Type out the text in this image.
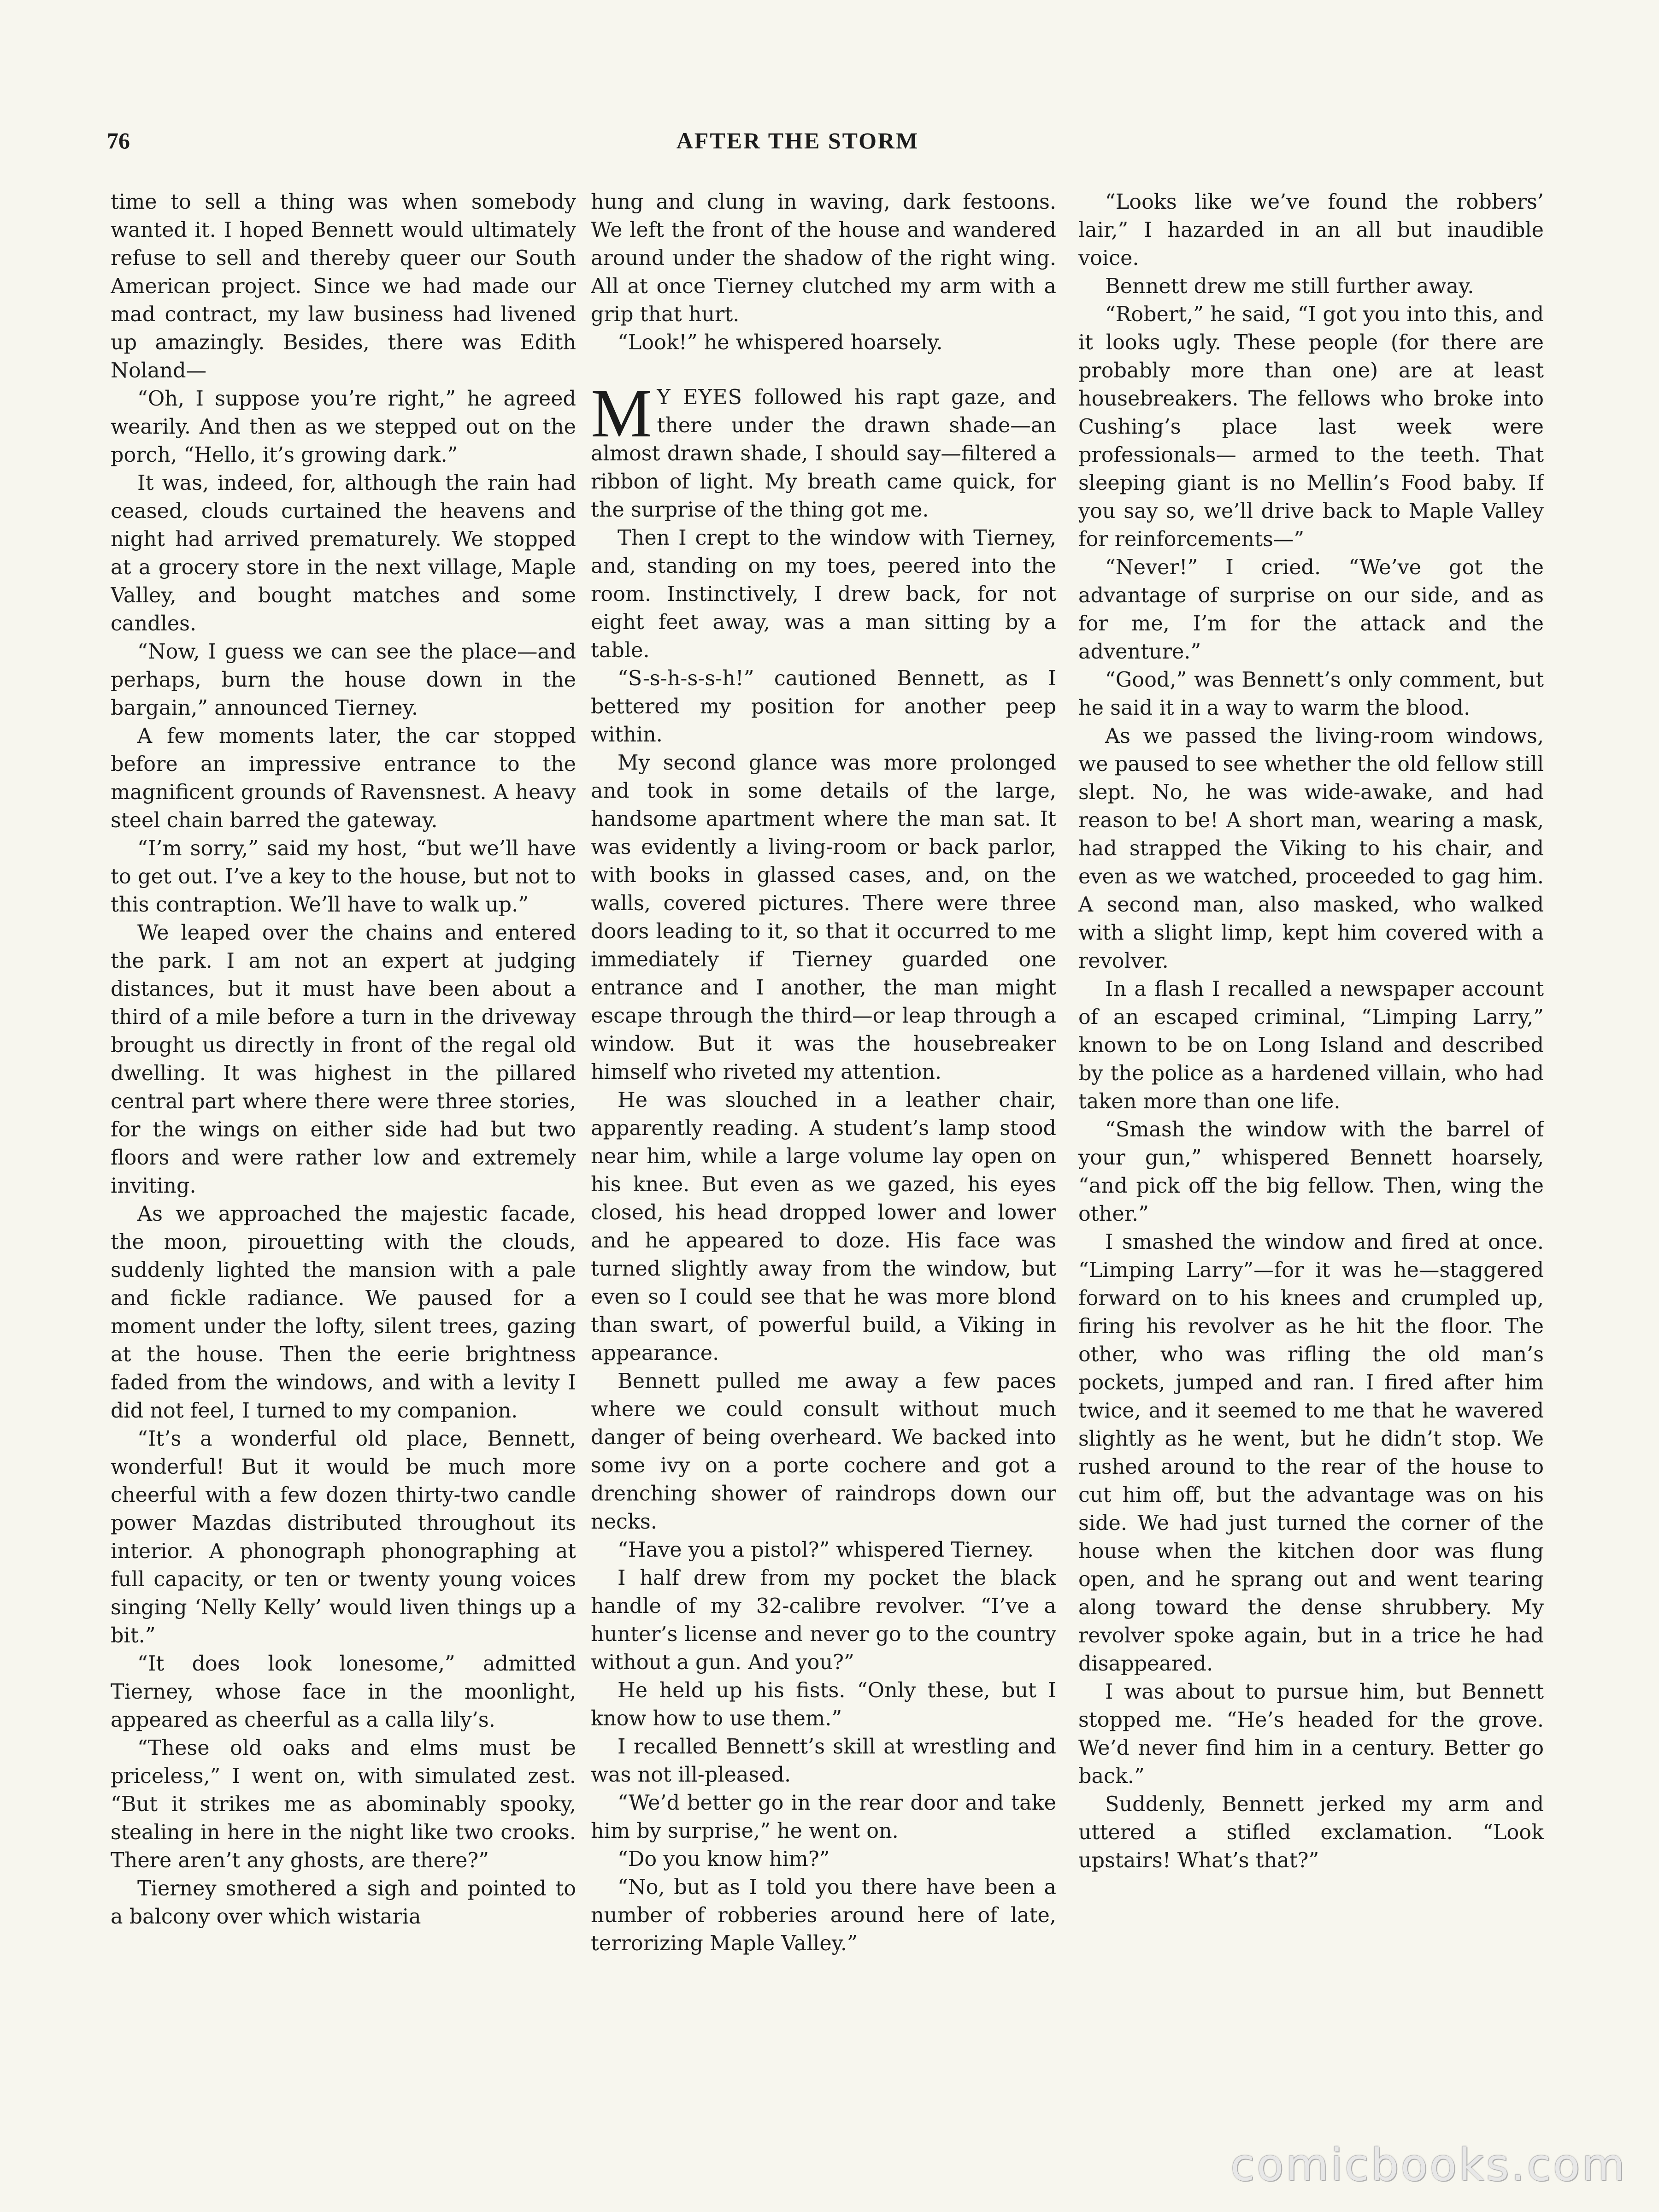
76	AFTER THE STORM

time to sell a thing was when somebody wanted it. I hoped Bennett would ultimately refuse to sell and thereby queer our South American project. Since we had made our mad contract, my law business had livened up amazingly. Besides, there was Edith Noland—

“Oh, I suppose you’re right,” he agreed wearily. And then as we stepped out on the porch, “Hello, it’s growing dark.”

It was, indeed, for, although the rain had ceased, clouds curtained the heavens and night had arrived prematurely. We stopped at a grocery store in the next village, Maple Valley, and bought matches and some candles.

“Now, I guess we can see the place—and perhaps, burn the house down in the bargain,” announced Tierney.

A few moments later, the car stopped before an impressive entrance to the magnificent grounds of Ravensnest. A heavy steel chain barred the gateway.

“I’m sorry,” said my host, “but we’ll have to get out. I’ve a key to the house, but not to this contraption. We’ll have to walk up.”

We leaped over the chains and entered the park. I am not an expert at judging distances, but it must have been about a third of a mile before a turn in the driveway brought us directly in front of the regal old dwelling. It was highest in the pillared central part where there were three stories, for the wings on either side had but two floors and were rather low and extremely inviting.

As we approached the majestic facade, the moon, pirouetting with the clouds, suddenly lighted the mansion with a pale and fickle radiance. We paused for a moment under the lofty, silent trees, gazing at the house. Then the eerie brightness faded from the windows, and with a levity I did not feel, I turned to my companion.

“It’s a wonderful old place, Bennett, wonderful! But it would be much more cheerful with a few dozen thirty-two candle power Mazdas distributed throughout its interior. A phonograph phonographing at full capacity, or ten or twenty young voices singing ‘Nelly Kelly’ would liven things up a bit.”

“It does look lonesome,” admitted Tierney, whose face in the moonlight, appeared as cheerful as a calla lily’s.

“These old oaks and elms must be priceless,” I went on, with simulated zest. “But it strikes me as abominably spooky, stealing in here in the night like two crooks. There aren’t any ghosts, are there?”

Tierney smothered a sigh and pointed to a balcony over which wistaria

hung and clung in waving, dark festoons. We left the front of the house and wandered around under the shadow of the right wing. All at once Tierney clutched my arm with a grip that hurt.

“Look!” he whispered hoarsely.

M Y EYES followed his rapt gaze, and there under the drawn shade—an almost drawn shade, I should say—filtered a ribbon of light. My breath came quick, for the surprise of the thing got me.

Then I crept to the window with Tierney, and, standing on my toes, peered into the room. Instinctively, I drew back, for not eight feet away, was a man sitting by a table.

“S-s-h-s-s-h!” cautioned Bennett, as I bettered my position for another peep within.

My second glance was more prolonged and took in some details of the large, handsome apartment where the man sat. It was evidently a living-room or back parlor, with books in glassed cases, and, on the walls, covered pictures. There were three doors leading to it, so that it occurred to me immediately if Tierney guarded one entrance and I another, the man might escape through the third—or leap through a window. But it was the housebreaker himself who riveted my attention.

He was slouched in a leather chair, apparently reading. A student’s lamp stood near him, while a large volume lay open on his knee. But even as we gazed, his eyes closed, his head dropped lower and lower and he appeared to doze. His face was turned slightly away from the window, but even so I could see that he was more blond than swart, of powerful build, a Viking in appearance.

Bennett pulled me away a few paces where we could consult without much danger of being overheard. We backed into some ivy on a porte cochere and got a drenching shower of raindrops down our necks.

“Have you a pistol?” whispered Tierney.

I half drew from my pocket the black handle of my 32-calibre revolver. “I’ve a hunter’s license and never go to the country without a gun. And you?”

He held up his fists. “Only these, but I know how to use them.”

I recalled Bennett’s skill at wrestling and was not ill-pleased.

“We’d better go in the rear door and take him by surprise,” he went on.

“Do you know him?”

“No, but as I told you there have been a number of robberies around here of late, terrorizing Maple Valley.”

“Looks like we’ve found the robbers’ lair,” I hazarded in an all but inaudible voice.

Bennett drew me still further away.

“Robert,” he said, “I got you into this, and it looks ugly. These people (for there are probably more than one) are at least housebreakers. The fellows who broke into Cushing’s place last week were professionals— armed to the teeth. That sleeping giant is no Mellin’s Food baby. If you say so, we’ll drive back to Maple Valley for reinforcements—”

“Never!” I cried. “We’ve got the advantage of surprise on our side, and as for me, I’m for the attack and the adventure.”

“Good,” was Bennett’s only comment, but he said it in a way to warm the blood.

As we passed the living-room windows, we paused to see whether the old fellow still slept. No, he was wide-awake, and had reason to be! A short man, wearing a mask, had strapped the Viking to his chair, and even as we watched, proceeded to gag him. A second man, also masked, who walked with a slight limp, kept him covered with a revolver.

In a flash I recalled a newspaper account of an escaped criminal, “Limping Larry,” known to be on Long Island and described by the police as a hardened villain, who had taken more than one life.

“Smash the window with the barrel of your gun,” whispered Bennett hoarsely, “and pick off the big fellow. Then, wing the other.”

I smashed the window and fired at once. “Limping Larry”—for it was he—staggered forward on to his knees and crumpled up, firing his revolver as he hit the floor. The other, who was rifling the old man’s pockets, jumped and ran. I fired after him twice, and it seemed to me that he wavered slightly as he went, but he didn’t stop. We rushed around to the rear of the house to cut him off, but the advantage was on his side. We had just turned the corner of the house when the kitchen door was flung open, and he sprang out and went tearing along toward the dense shrubbery. My revolver spoke again, but in a trice he had disappeared.

I was about to pursue him, but Bennett stopped me. “He’s headed for the grove. We’d never find him in a century. Better go back.”

Suddenly, Bennett jerked my arm and uttered a stifled exclamation. “Look upstairs! What’s that?”

comicbooks.com
